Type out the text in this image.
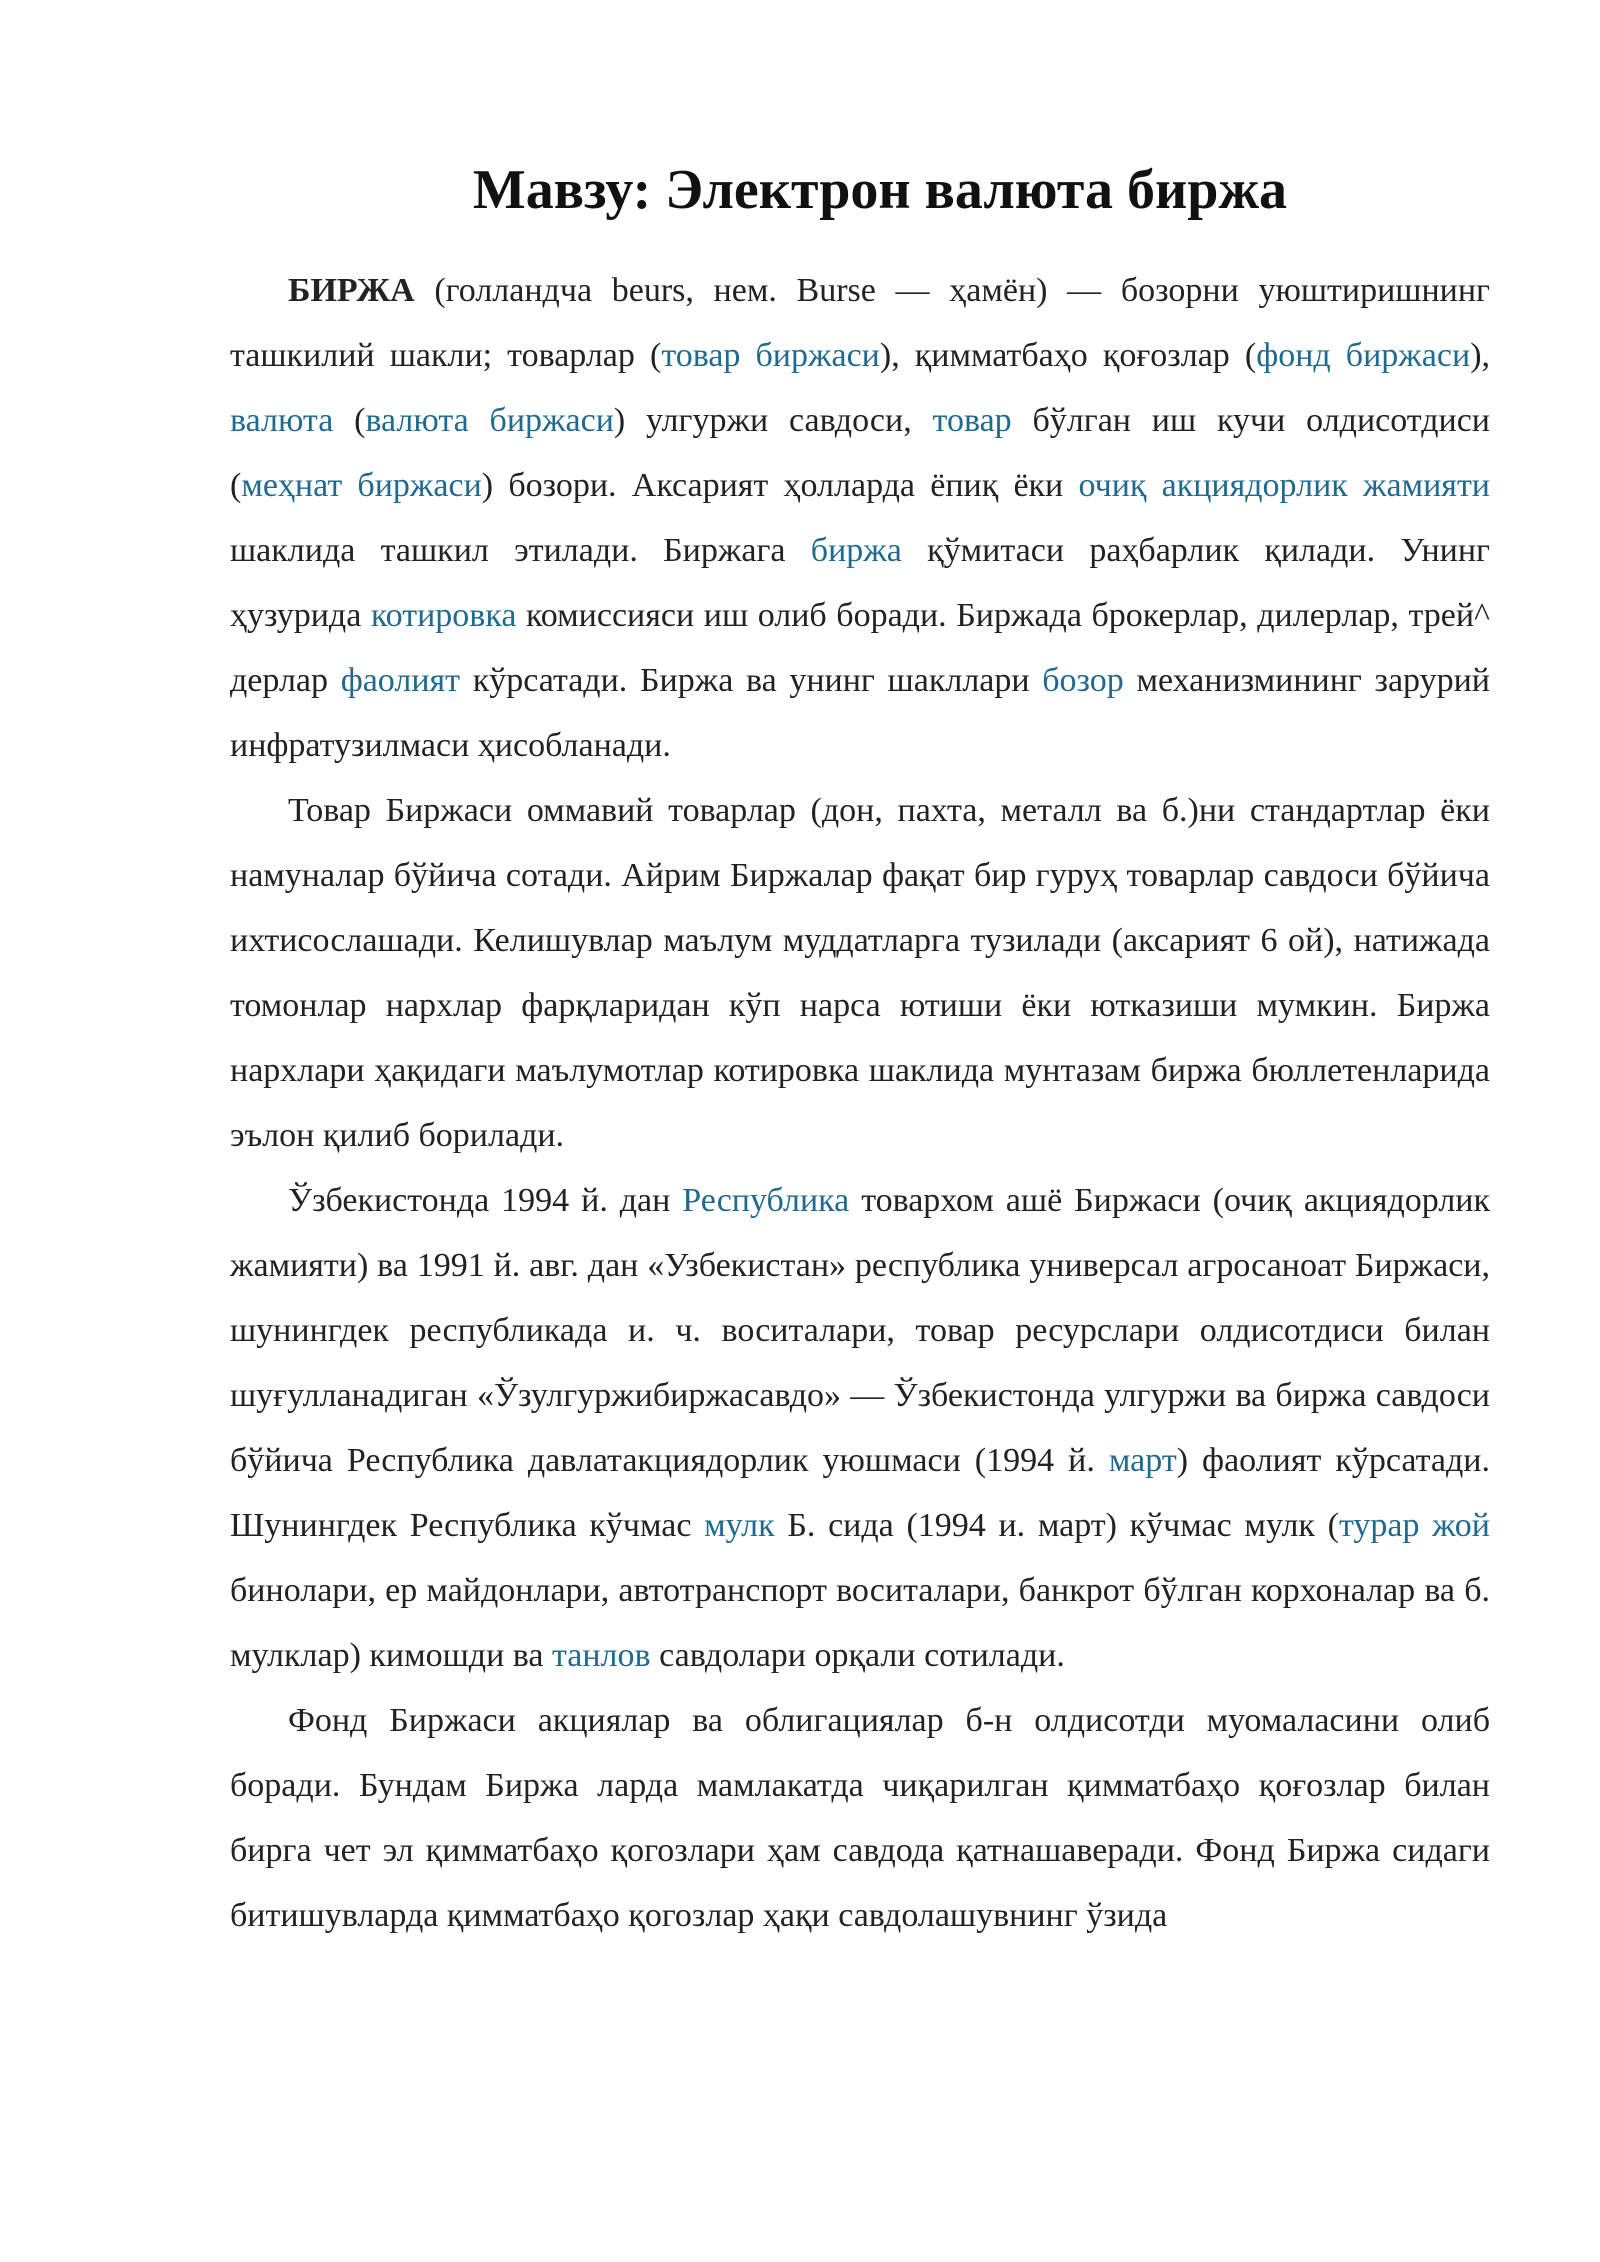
Мавзу: Электрон валюта биржа

БИРЖА (голландча beurs, нем. Burse — ҳамён) — бозорни уюштиришнинг ташкилий шакли; товарлар (товар биржаси), қимматбаҳо қоғозлар (фонд биржаси), валюта (валюта биржаси) улгуржи савдоси, товар бўлган иш кучи олдисотдиси (меҳнат биржаси) бозори. Аксарият ҳолларда ёпиқ ёки очиқ акциядорлик жамияти шаклида ташкил этилади. Биржага биржа қўмитаси раҳбарлик қилади. Унинг ҳузурида котировка комиссияси иш олиб боради. Биржада брокерлар, дилерлар, трей^ дерлар фаолият кўрсатади. Биржа ва унинг шакллари бозор механизмининг зарурий инфратузилмаси ҳисобланади.

Товар Биржаси оммавий товарлар (дон, пахта, металл ва б.)ни стандартлар ёки намуналар бўйича сотади. Айрим Биржалар фақат бир гуруҳ товарлар савдоси бўйича ихтисослашади. Келишувлар маълум муддатларга тузилади (аксарият 6 ой), натижада томонлар нархлар фарқларидан кўп нарса ютиши ёки ютказиши мумкин. Биржа нархлари ҳақидаги маълумотлар котировка шаклида мунтазам биржа бюллетенларида эълон қилиб борилади.

Ўзбекистонда 1994 й. дан Республика товархом ашё Биржаси (очиқ акциядорлик жамияти) ва 1991 й. авг. дан «Узбекистан» республика универсал агросаноат Биржаси, шунингдек республикада и. ч. воситалари, товар ресурслари олдисотдиси билан шуғулланадиган «Ўзулгуржибиржасавдо» — Ўзбекистонда улгуржи ва биржа савдоси бўйича Республика давлатакциядорлик уюшмаси (1994 й. март) фаолият кўрсатади. Шунингдек Республика кўчмас мулк Б. сида (1994 и. март) кўчмас мулк (турар жой бинолари, ер майдонлари, автотранспорт воситалари, банкрот бўлган корхоналар ва б. мулклар) кимошди ва танлов савдолари орқали сотилади.

Фонд Биржаси акциялар ва облигациялар б-н олдисотди муомаласини олиб боради. Бундам Биржа ларда мамлакатда чиқарилган қимматбаҳо қоғозлар билан бирга чет эл қимматбаҳо қогозлари ҳам савдода қатнашаверади. Фонд Биржа сидаги битишувларда қимматбаҳо қогозлар ҳақи савдолашувнинг ўзида
